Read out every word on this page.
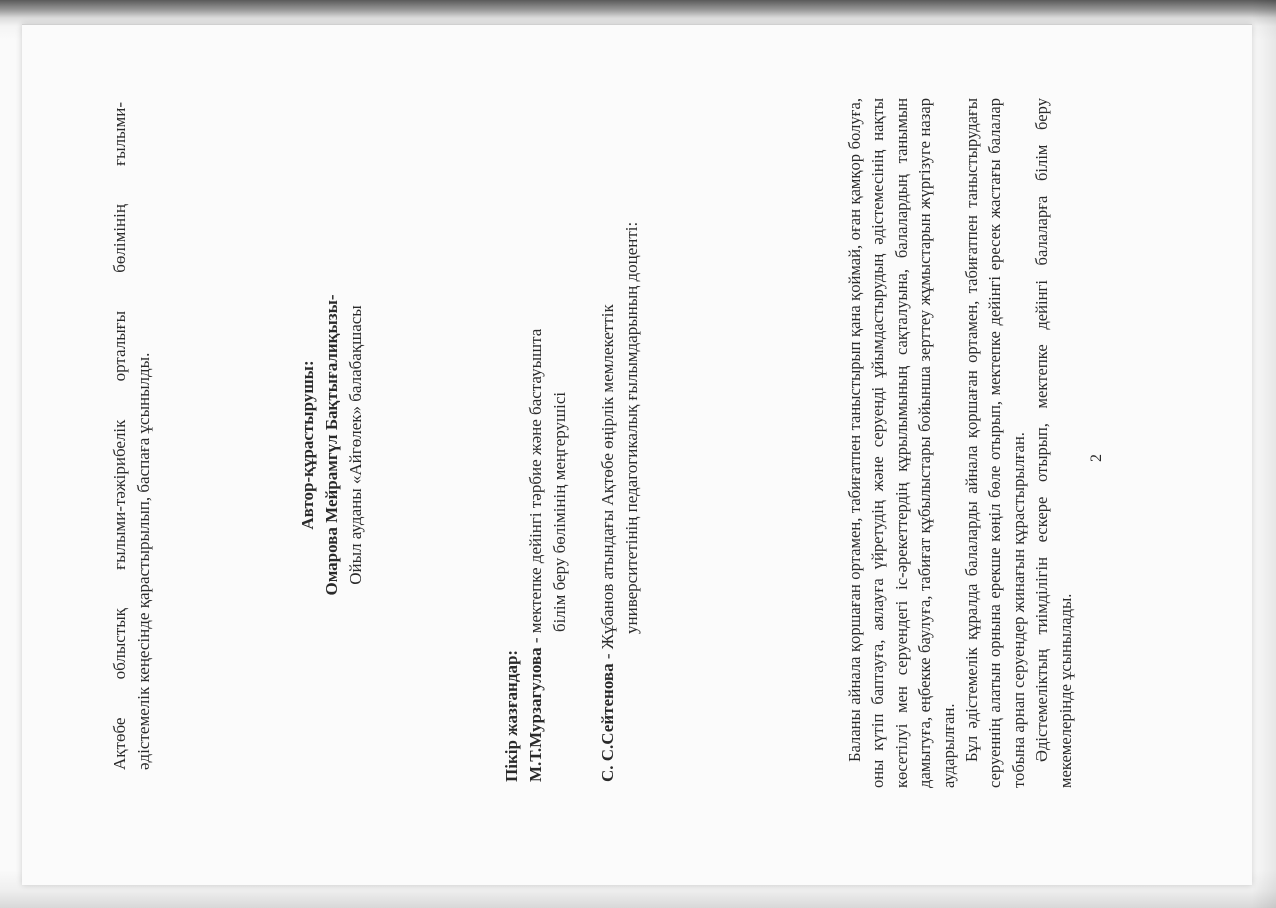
Ақтөбе облыстық ғылыми-тәжірибелік орталығы бөлімінің ғылыми- әдістемелік кеңесінде қарастырылып, баспаға ұсынылды.	Автор-құрастырушы: Омарова Мейрамгүл Бақтығалиқызы- Ойыл ауданы «Айгөлек» балабақшасы

Пікір жазғандар: М.Т.Мурзагулова - мектепке дейінгі тәрбие және бастауышта білім беру бөлімінің меңгерушісі

С. С.Сейтенова - Жұбанов атындағы Ақтөбе өңірлік мемлекеттік университетінің педагогикалық ғылымдарының доценті:	Баланы айнала қоршаған ортамен, табиғатпен таныстырып қана қоймай, оған қамқор болуға, оны күтіп баптауға, аялауға үйретудің және серуенді ұйымдастырудың әдістемесінің нақты көсетілуі мен серуендегі іс-әрекеттердің құрылымының сақталуына, балалардың танымын дамытуға, еңбекке баулуға, табиғат құбылыстары бойынша зерттеу жұмыстарын жүргізуге назар аударылған. Бұл әдістемелік құралда балаларды айнала қоршаған ортамен, табиғатпен таныстырудағы серуеннің алатын орнына ерекше көңіл бөле отырып, мектепке дейінгі ересек жастағы балалар тобына арнап серуендер жинағын құрастырылған. Әдістемеліктың тиімділігін ескере отырып, мектепке дейінгі балаларға білім беру мекемелерінде ұсынылады.

2
